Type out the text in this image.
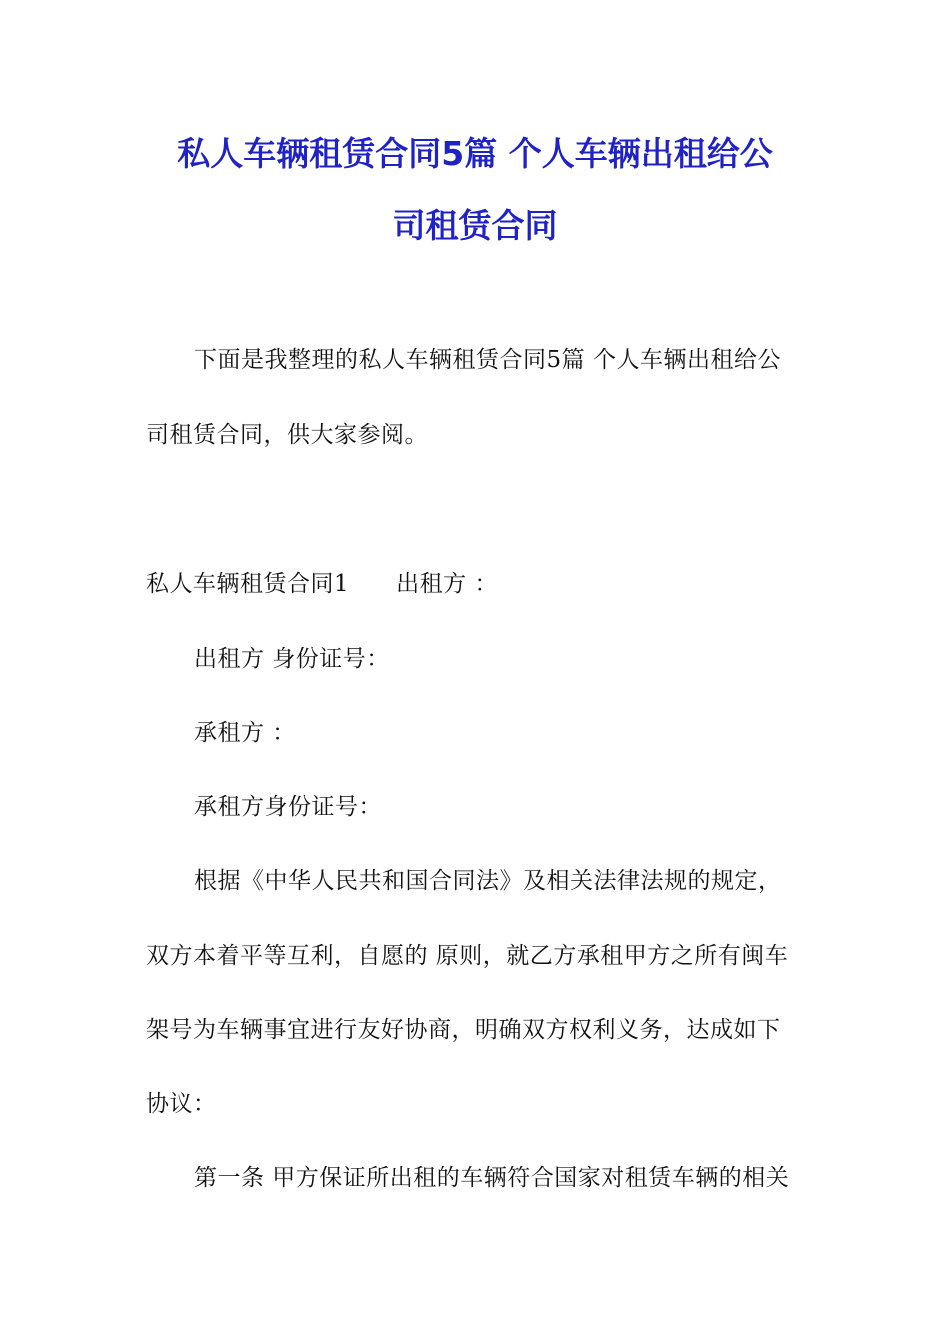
私人车辆租赁合同5篇 个人车辆出租给公
司租赁合同
下面是我整理的私人车辆租赁合同5篇 个人车辆出租给公
司租赁合同，供大家参阅。
私人车辆租赁合同1　　出租方 ：
出租方 身份证号：
承租方 ：
承租方身份证号：
根据《中华人民共和国合同法》及相关法律法规的规定，
双方本着平等互利，自愿的 原则，就乙方承租甲方之所有闽车
架号为车辆事宜进行友好协商，明确双方权利义务，达成如下
协议：
第一条 甲方保证所出租的车辆符合国家对租赁车辆的相关
